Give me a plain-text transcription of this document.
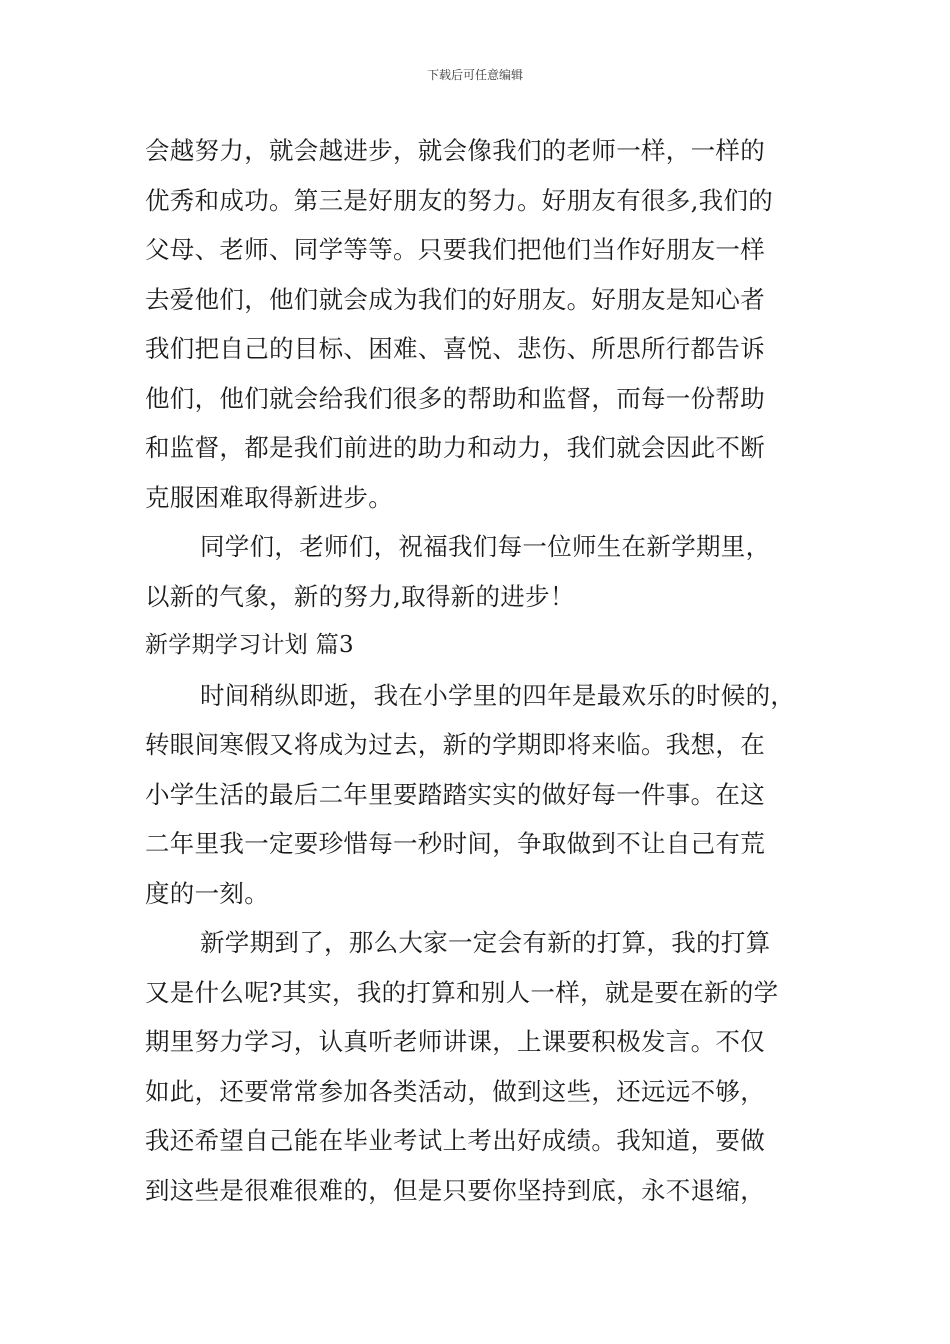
下载后可任意编辑
会越努力，就会越进步，就会像我们的老师一样，一样的
优秀和成功。第三是好朋友的努力。好朋友有很多,我们的
父母、老师、同学等等。只要我们把他们当作好朋友一样
去爱他们，他们就会成为我们的好朋友。好朋友是知心者
我们把自己的目标、困难、喜悦、悲伤、所思所行都告诉
他们，他们就会给我们很多的帮助和监督，而每一份帮助
和监督，都是我们前进的助力和动力，我们就会因此不断
克服困难取得新进步。
同学们，老师们，祝福我们每一位师生在新学期里，
以新的气象，新的努力,取得新的进步！
新学期学习计划 篇3
时间稍纵即逝，我在小学里的四年是最欢乐的时候的，
转眼间寒假又将成为过去，新的学期即将来临。我想，在
小学生活的最后二年里要踏踏实实的做好每一件事。在这
二年里我一定要珍惜每一秒时间，争取做到不让自己有荒
度的一刻。
新学期到了，那么大家一定会有新的打算，我的打算
又是什么呢?其实，我的打算和别人一样，就是要在新的学
期里努力学习，认真听老师讲课，上课要积极发言。不仅
如此，还要常常参加各类活动，做到这些，还远远不够，
我还希望自己能在毕业考试上考出好成绩。我知道，要做
到这些是很难很难的，但是只要你坚持到底，永不退缩，
